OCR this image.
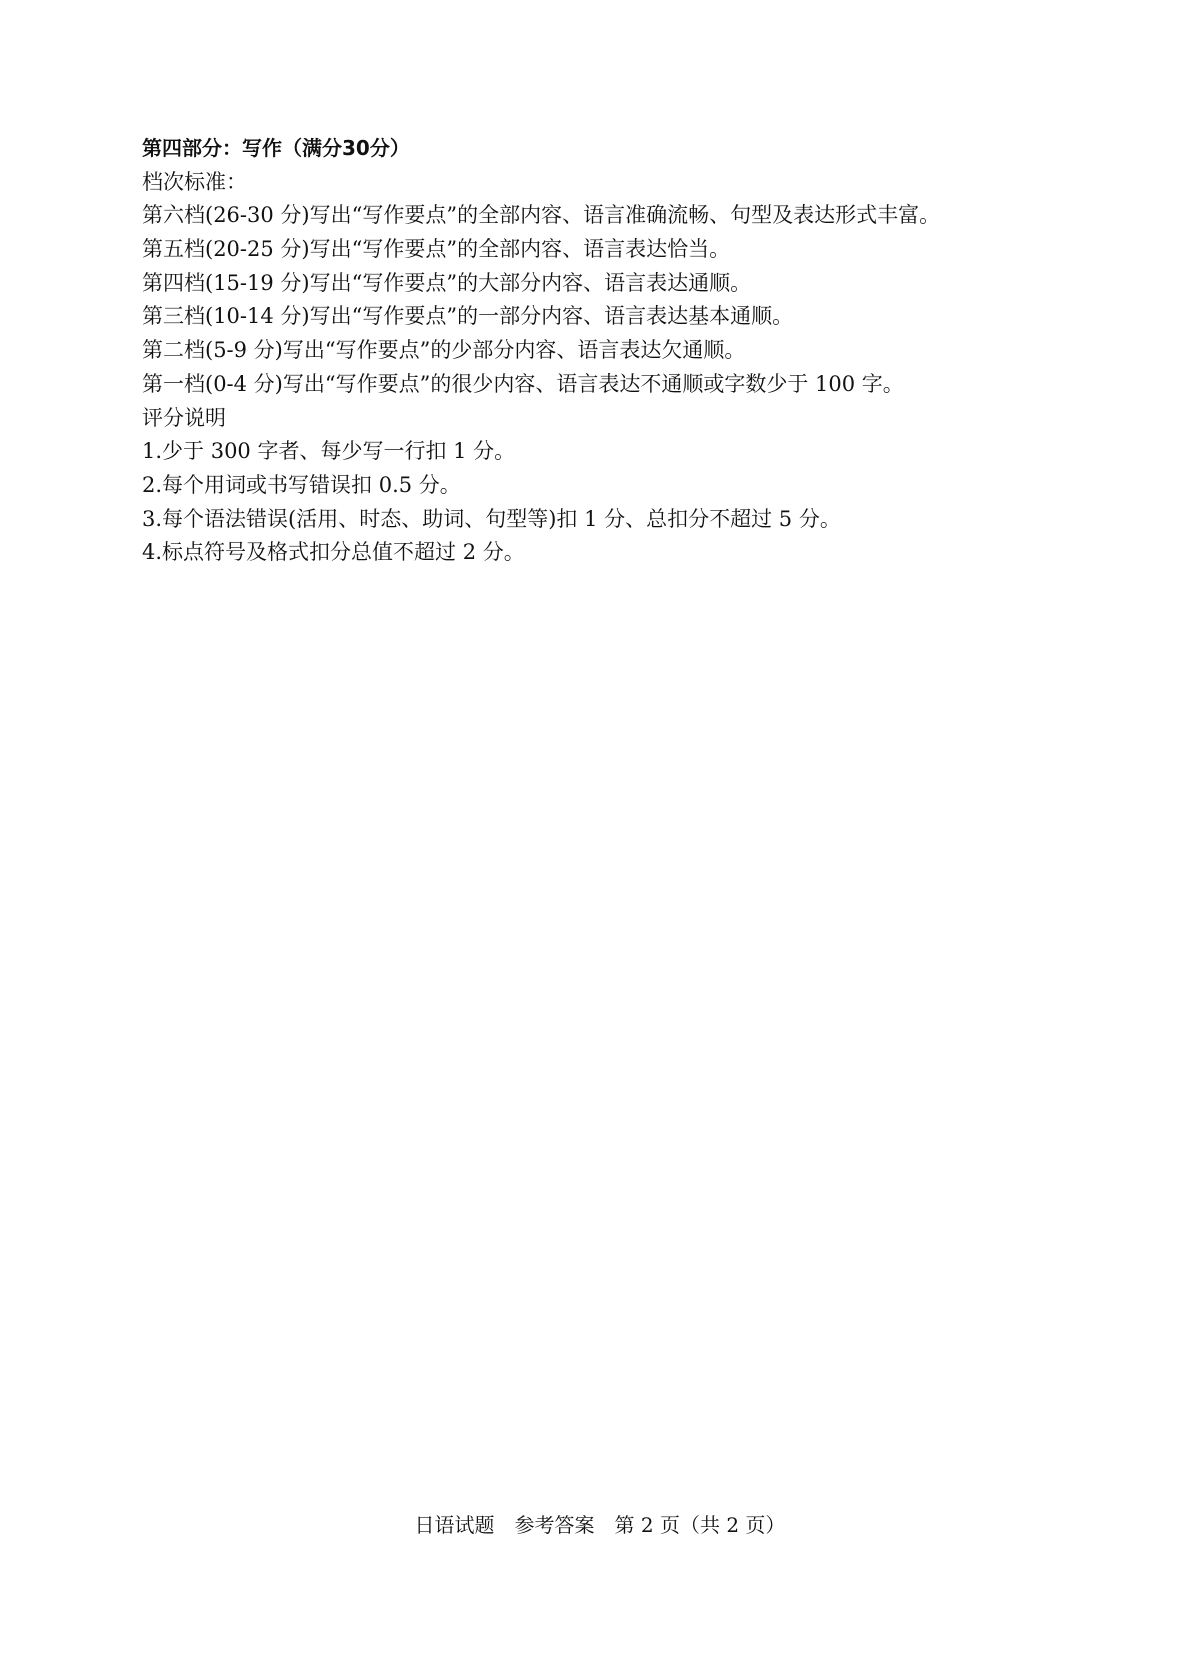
第四部分：写作（满分30分）
档次标准：
第六档(26-30 分)写出“写作要点”的全部内容、语言准确流畅、句型及表达形式丰富。
第五档(20-25 分)写出“写作要点”的全部内容、语言表达恰当。
第四档(15-19 分)写出“写作要点”的大部分内容、语言表达通顺。
第三档(10-14 分)写出“写作要点”的一部分内容、语言表达基本通顺。
第二档(5-9 分)写出“写作要点”的少部分内容、语言表达欠通顺。
第一档(0-4 分)写出“写作要点”的很少内容、语言表达不通顺或字数少于 100 字。
评分说明
1.少于 300 字者、每少写一行扣 1 分。
2.每个用词或书写错误扣 0.5 分。
3.每个语法错误(活用、时态、助词、句型等)扣 1 分、总扣分不超过 5 分。
4.标点符号及格式扣分总值不超过 2 分。
日语试题　参考答案　第 2 页（共 2 页）
